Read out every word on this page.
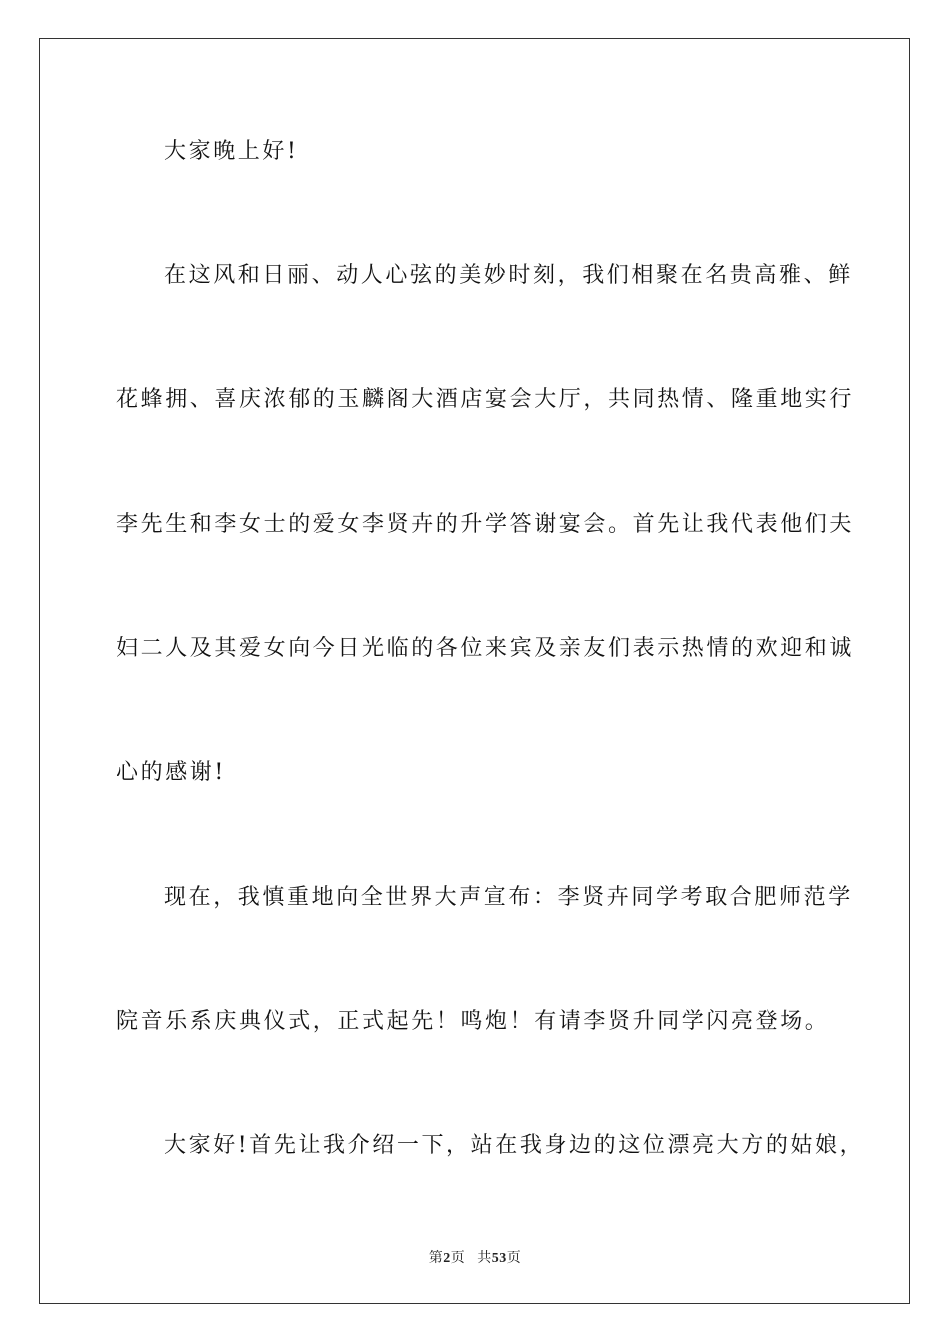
大家晚上好!
在这风和日丽、动人心弦的美妙时刻，我们相聚在名贵高雅、鲜
花蜂拥、喜庆浓郁的玉麟阁大酒店宴会大厅，共同热情、隆重地实行
李先生和李女士的爱女李贤卉的升学答谢宴会。首先让我代表他们夫
妇二人及其爱女向今日光临的各位来宾及亲友们表示热情的欢迎和诚
心的感谢!
现在，我慎重地向全世界大声宣布：李贤卉同学考取合肥师范学
院音乐系庆典仪式，正式起先！鸣炮！有请李贤升同学闪亮登场。
大家好!首先让我介绍一下，站在我身边的这位漂亮大方的姑娘，
第2页 共53页
